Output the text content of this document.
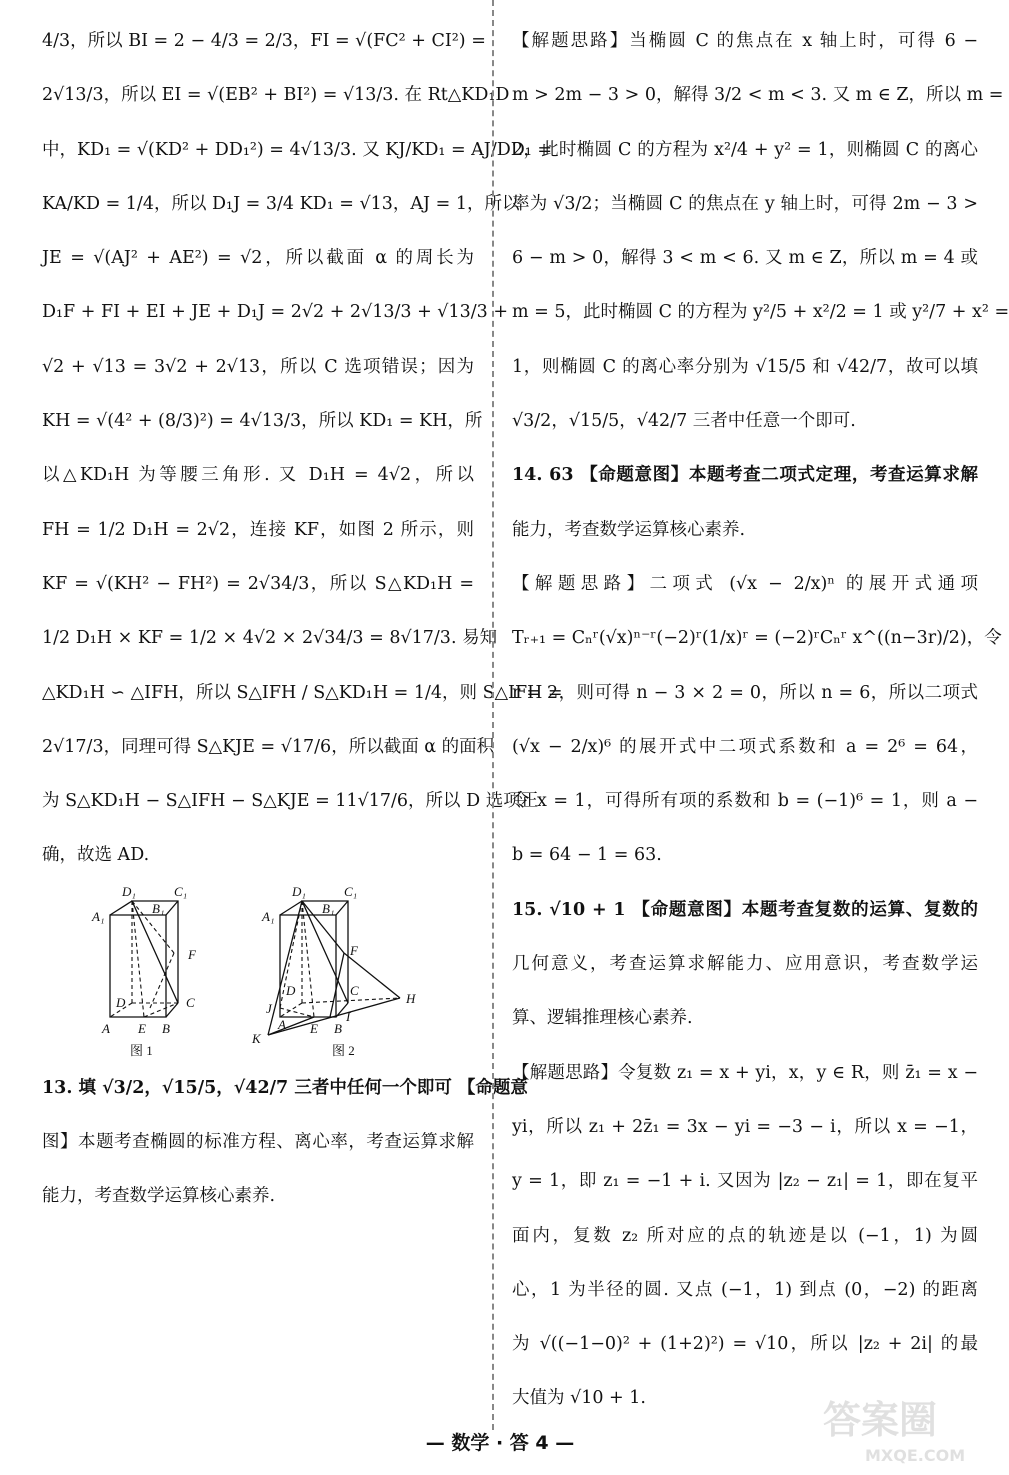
4/3，所以 BI = 2 − 4/3 = 2/3，FI = √(FC² + CI²) =
2√13/3，所以 EI = √(EB² + BI²) = √13/3. 在 Rt△KD₁D
中，KD₁ = √(KD² + DD₁²) = 4√13/3. 又 KJ/KD₁ = AJ/DD₁ =
KA/KD = 1/4，所以 D₁J = 3/4 KD₁ = √13，AJ = 1，所以
JE = √(AJ² + AE²) = √2，所以截面 α 的周长为
D₁F + FI + EI + JE + D₁J = 2√2 + 2√13/3 + √13/3 +
√2 + √13 = 3√2 + 2√13，所以 C 选项错误；因为
KH = √(4² + (8/3)²) = 4√13/3，所以 KD₁ = KH，所
以△KD₁H 为等腰三角形. 又 D₁H = 4√2，所以
FH = 1/2 D₁H = 2√2，连接 KF，如图 2 所示，则
KF = √(KH² − FH²) = 2√34/3，所以 S△KD₁H =
1/2 D₁H × KF = 1/2 × 4√2 × 2√34/3 = 8√17/3. 易知
△KD₁H ∽ △IFH，所以 S△IFH / S△KD₁H = 1/4，则 S△IFH =
2√17/3，同理可得 S△KJE = √17/6，所以截面 α 的面积
为 S△KD₁H − S△IFH − S△KJE = 11√17/6，所以 D 选项正
确，故选 AD.
D₁	C₁
B₁
A₁
F
C
D
A E B
图 1
D₁	C₁
B₁
A₁
F
C
D
H
J
K
A E B
I
图 2
13. 填 √3/2，√15/5，√42/7 三者中任何一个即可 【命题意
图】本题考查椭圆的标准方程、离心率，考查运算求解
能力，考查数学运算核心素养.
【解题思路】当椭圆 C 的焦点在 x 轴上时，可得 6 −
m > 2m − 3 > 0，解得 3/2 < m < 3. 又 m ∈ Z，所以 m =
2，此时椭圆 C 的方程为 x²/4 + y² = 1，则椭圆 C 的离心
率为 √3/2；当椭圆 C 的焦点在 y 轴上时，可得 2m − 3 >
6 − m > 0，解得 3 < m < 6. 又 m ∈ Z，所以 m = 4 或
m = 5，此时椭圆 C 的方程为 y²/5 + x²/2 = 1 或 y²/7 + x² =
1，则椭圆 C 的离心率分别为 √15/5 和 √42/7，故可以填
√3/2，√15/5，√42/7 三者中任意一个即可.
14. 63 【命题意图】本题考查二项式定理，考查运算求解
能力，考查数学运算核心素养.
【解题思路】二项式 (√x − 2/x)ⁿ 的展开式通项
Tᵣ₊₁ = Cₙʳ(√x)ⁿ⁻ʳ(−2)ʳ(1/x)ʳ = (−2)ʳCₙʳ x^((n−3r)/2)，令
r = 2，则可得 n − 3 × 2 = 0，所以 n = 6，所以二项式
(√x − 2/x)⁶ 的展开式中二项式系数和 a = 2⁶ = 64，
令 x = 1，可得所有项的系数和 b = (−1)⁶ = 1，则 a −
b = 64 − 1 = 63.
15. √10 + 1 【命题意图】本题考查复数的运算、复数的
几何意义，考查运算求解能力、应用意识，考查数学运
算、逻辑推理核心素养.
【解题思路】令复数 z₁ = x + yi，x，y ∈ R，则 z̄₁ = x −
yi，所以 z₁ + 2z̄₁ = 3x − yi = −3 − i，所以 x = −1，
y = 1，即 z₁ = −1 + i. 又因为 |z₂ − z₁| = 1，即在复平
面内，复数 z₂ 所对应的点的轨迹是以 (−1，1) 为圆
心，1 为半径的圆. 又点 (−1，1) 到点 (0，−2) 的距离
为 √((−1−0)² + (1+2)²) = √10，所以 |z₂ + 2i| 的最
大值为 √10 + 1.
— 数学 · 答 4 —
答案圈
MXQE.COM
